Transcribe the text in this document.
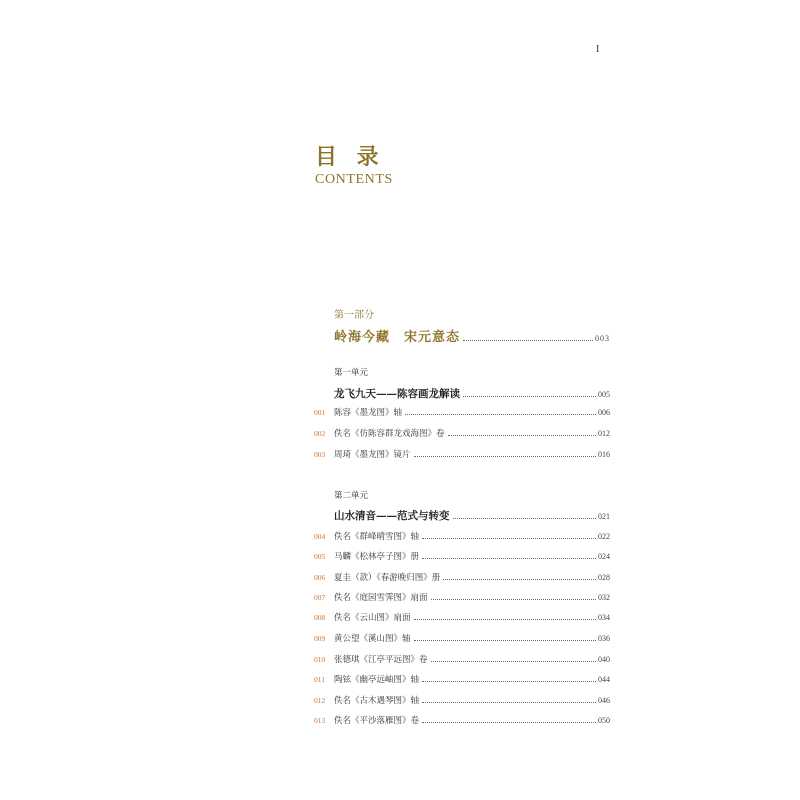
I
目 录
CONTENTS
第一部分
岭海今藏　宋元意态	003
第一单元
龙飞九天——陈容画龙解读	005
001 陈容《墨龙图》轴	006
002 佚名《仿陈容群龙戏海图》卷	012
003 周琦《墨龙图》镜片	016
第二单元
山水清音——范式与转变	021
004 佚名《群峰晴雪图》轴	022
005 马麟《松林亭子图》册	024
006 夏圭（款）《春游晚归图》册	028
007 佚名《庭园雪霁图》扇面	032
008 佚名《云山图》扇面	034
009 黄公望《溪山图》轴	036
010 张德琪《江亭平远图》卷	040
011 陶铉《幽亭远岫图》轴	044
012 佚名《古木遇琴图》轴	046
013 佚名《平沙落雁图》卷	050
